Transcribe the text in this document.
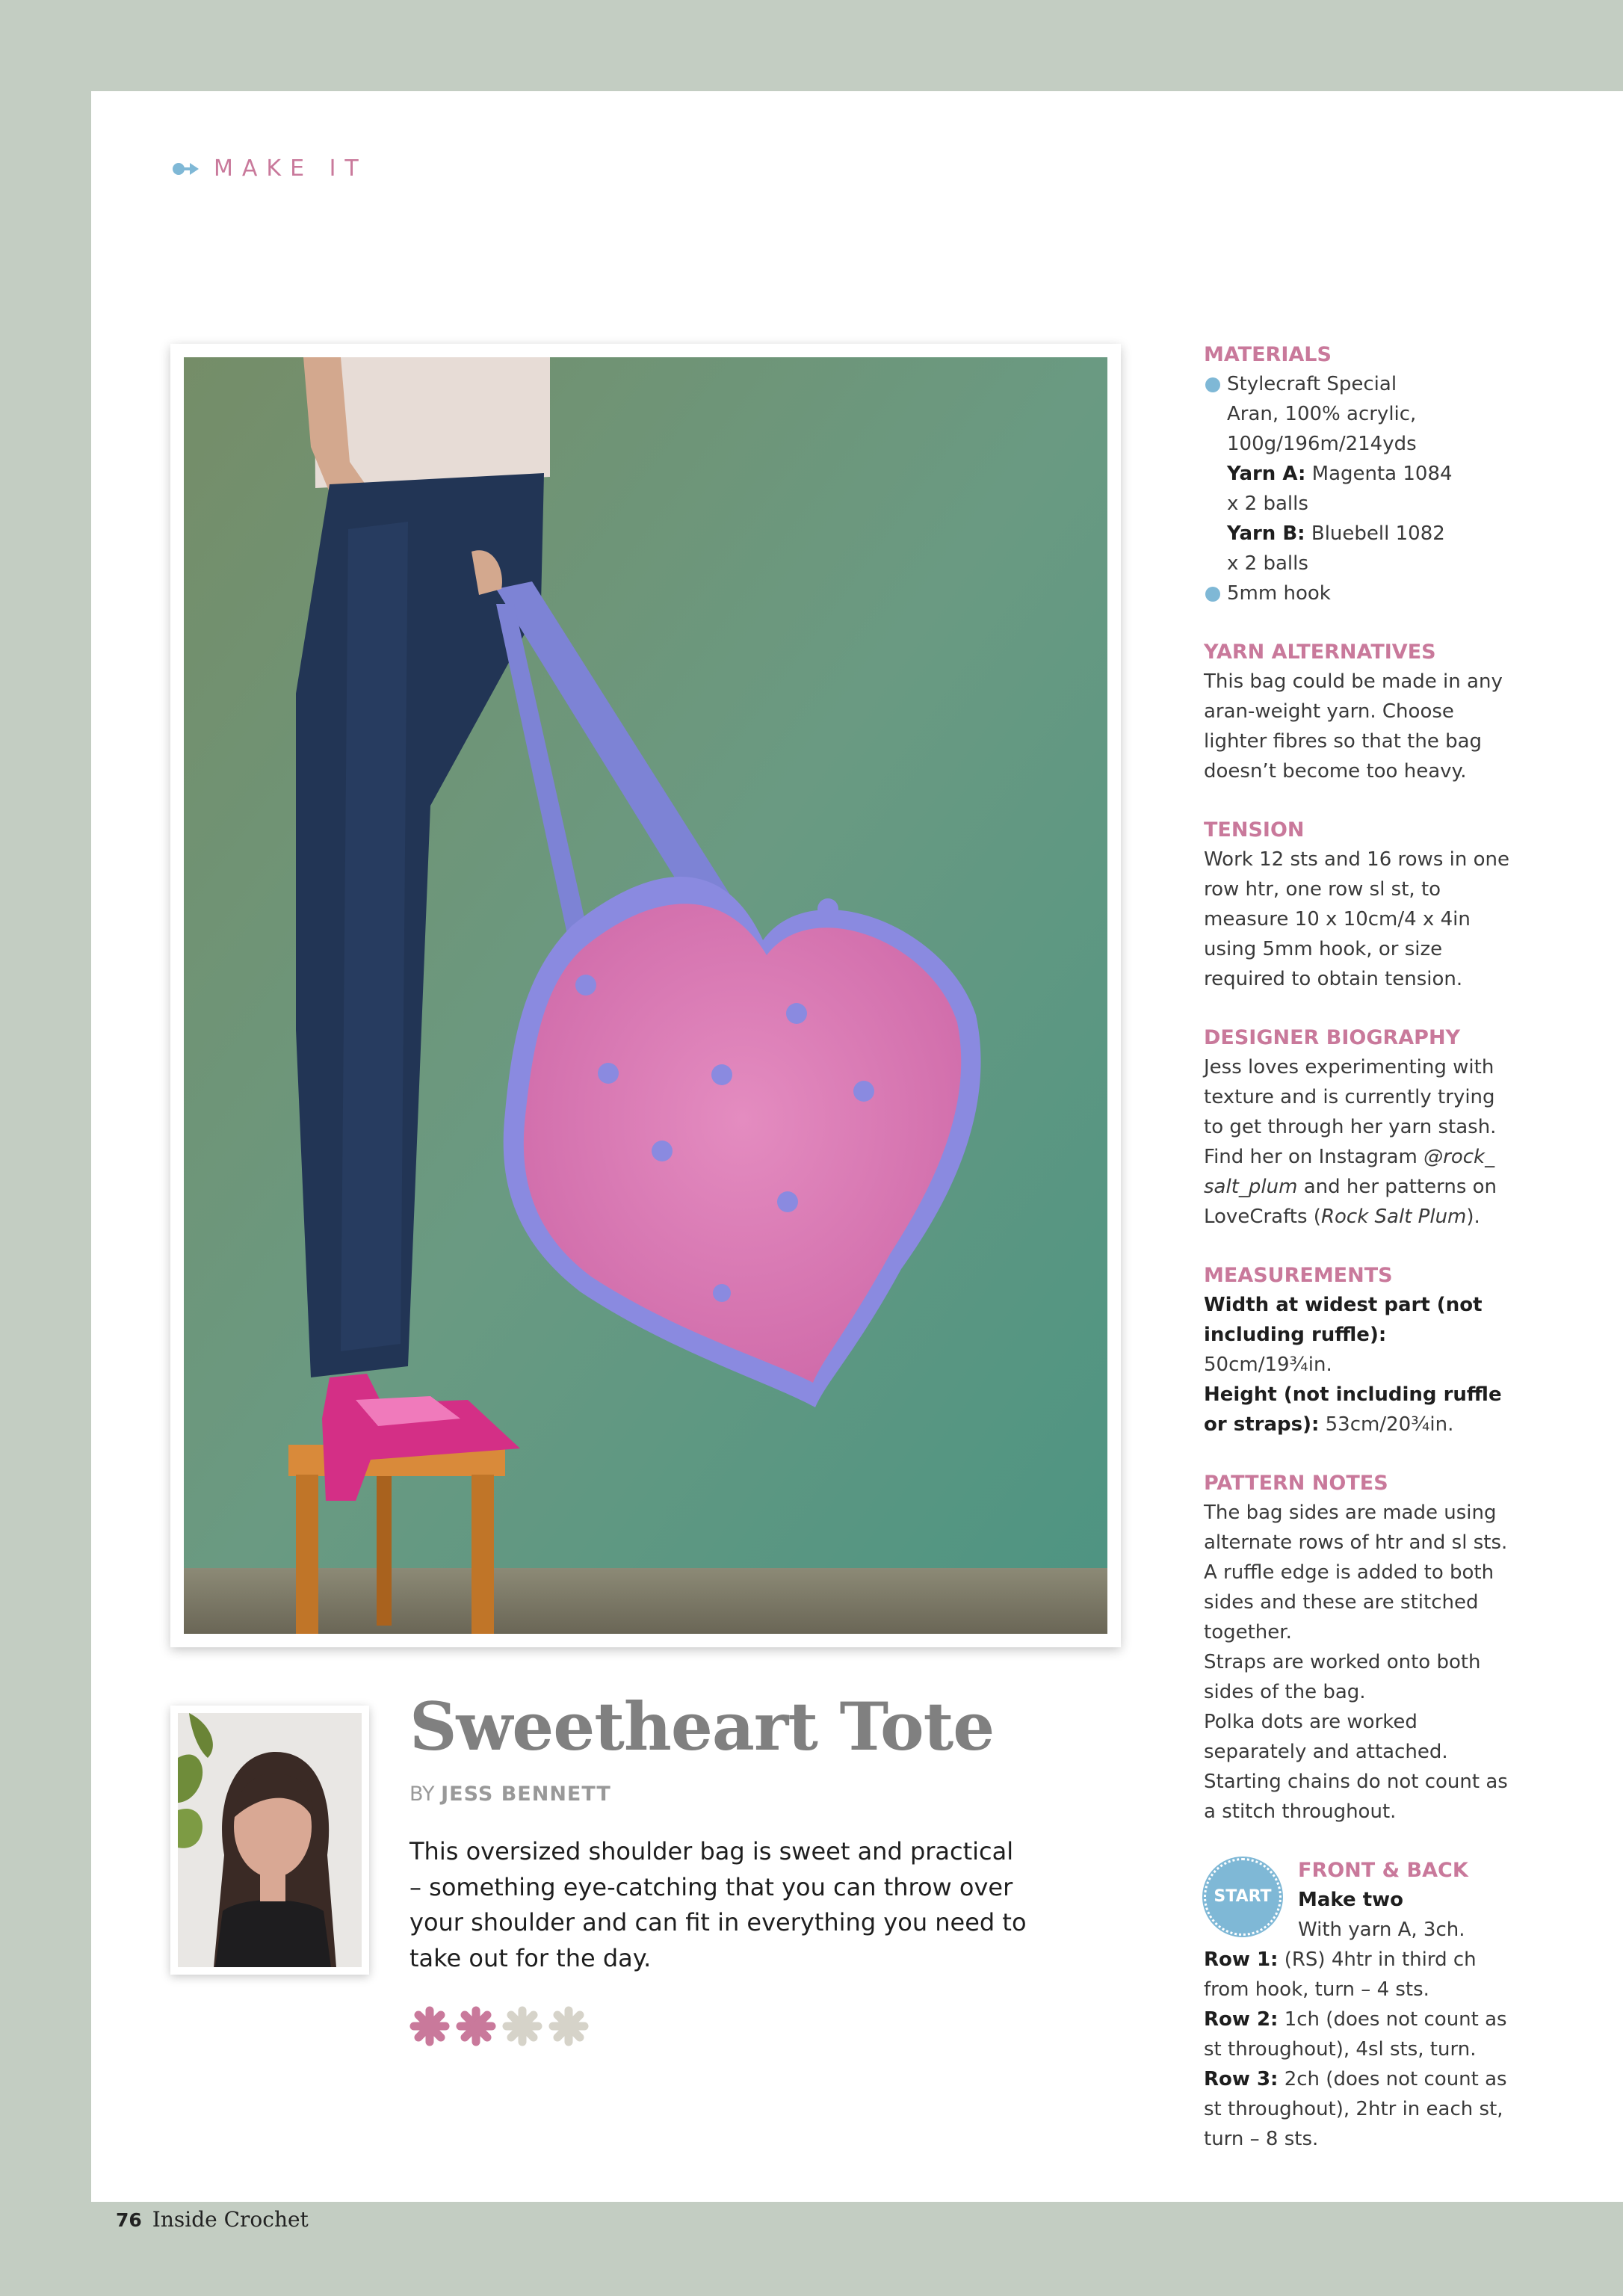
MAKE IT
Sweetheart Tote
BY JESS BENNETT

This oversized shoulder bag is sweet and practical – something eye-catching that you can throw over your shoulder and can fit in everything you need to take out for the day.

MATERIALS

Stylecraft Special
Aran, 100% acrylic,
100g/196m/214yds
Yarn A: Magenta 1084
x 2 balls
Yarn B: Bluebell 1082
x 2 balls
5mm hook

YARN ALTERNATIVES

This bag could be made in any aran-weight yarn. Choose lighter fibres so that the bag doesn’t become too heavy.

TENSION

Work 12 sts and 16 rows in one row htr, one row sl st, to measure 10 x 10cm/4 x 4in using 5mm hook, or size required to obtain tension.

DESIGNER BIOGRAPHY

Jess loves experimenting with texture and is currently trying to get through her yarn stash. Find her on Instagram @rock_ salt_plum and her patterns on LoveCrafts (Rock Salt Plum).

MEASUREMENTS

Width at widest part (not including ruffle): 50cm/19¾in.

Height (not including ruffle or straps): 53cm/20¾in.

PATTERN NOTES

The bag sides are made using alternate rows of htr and sl sts. A ruffle edge is added to both sides and these are stitched together.

Straps are worked onto both sides of the bag.

Polka dots are worked separately and attached.

Starting chains do not count as a stitch throughout.

START

FRONT & BACK

Make two

With yarn A, 3ch.

Row 1: (RS) 4htr in third ch from hook, turn – 4 sts.

Row 2: 1ch (does not count as st throughout), 4sl sts, turn.

Row 3: 2ch (does not count as st throughout), 2htr in each st, turn – 8 sts.

76 Inside Crochet
